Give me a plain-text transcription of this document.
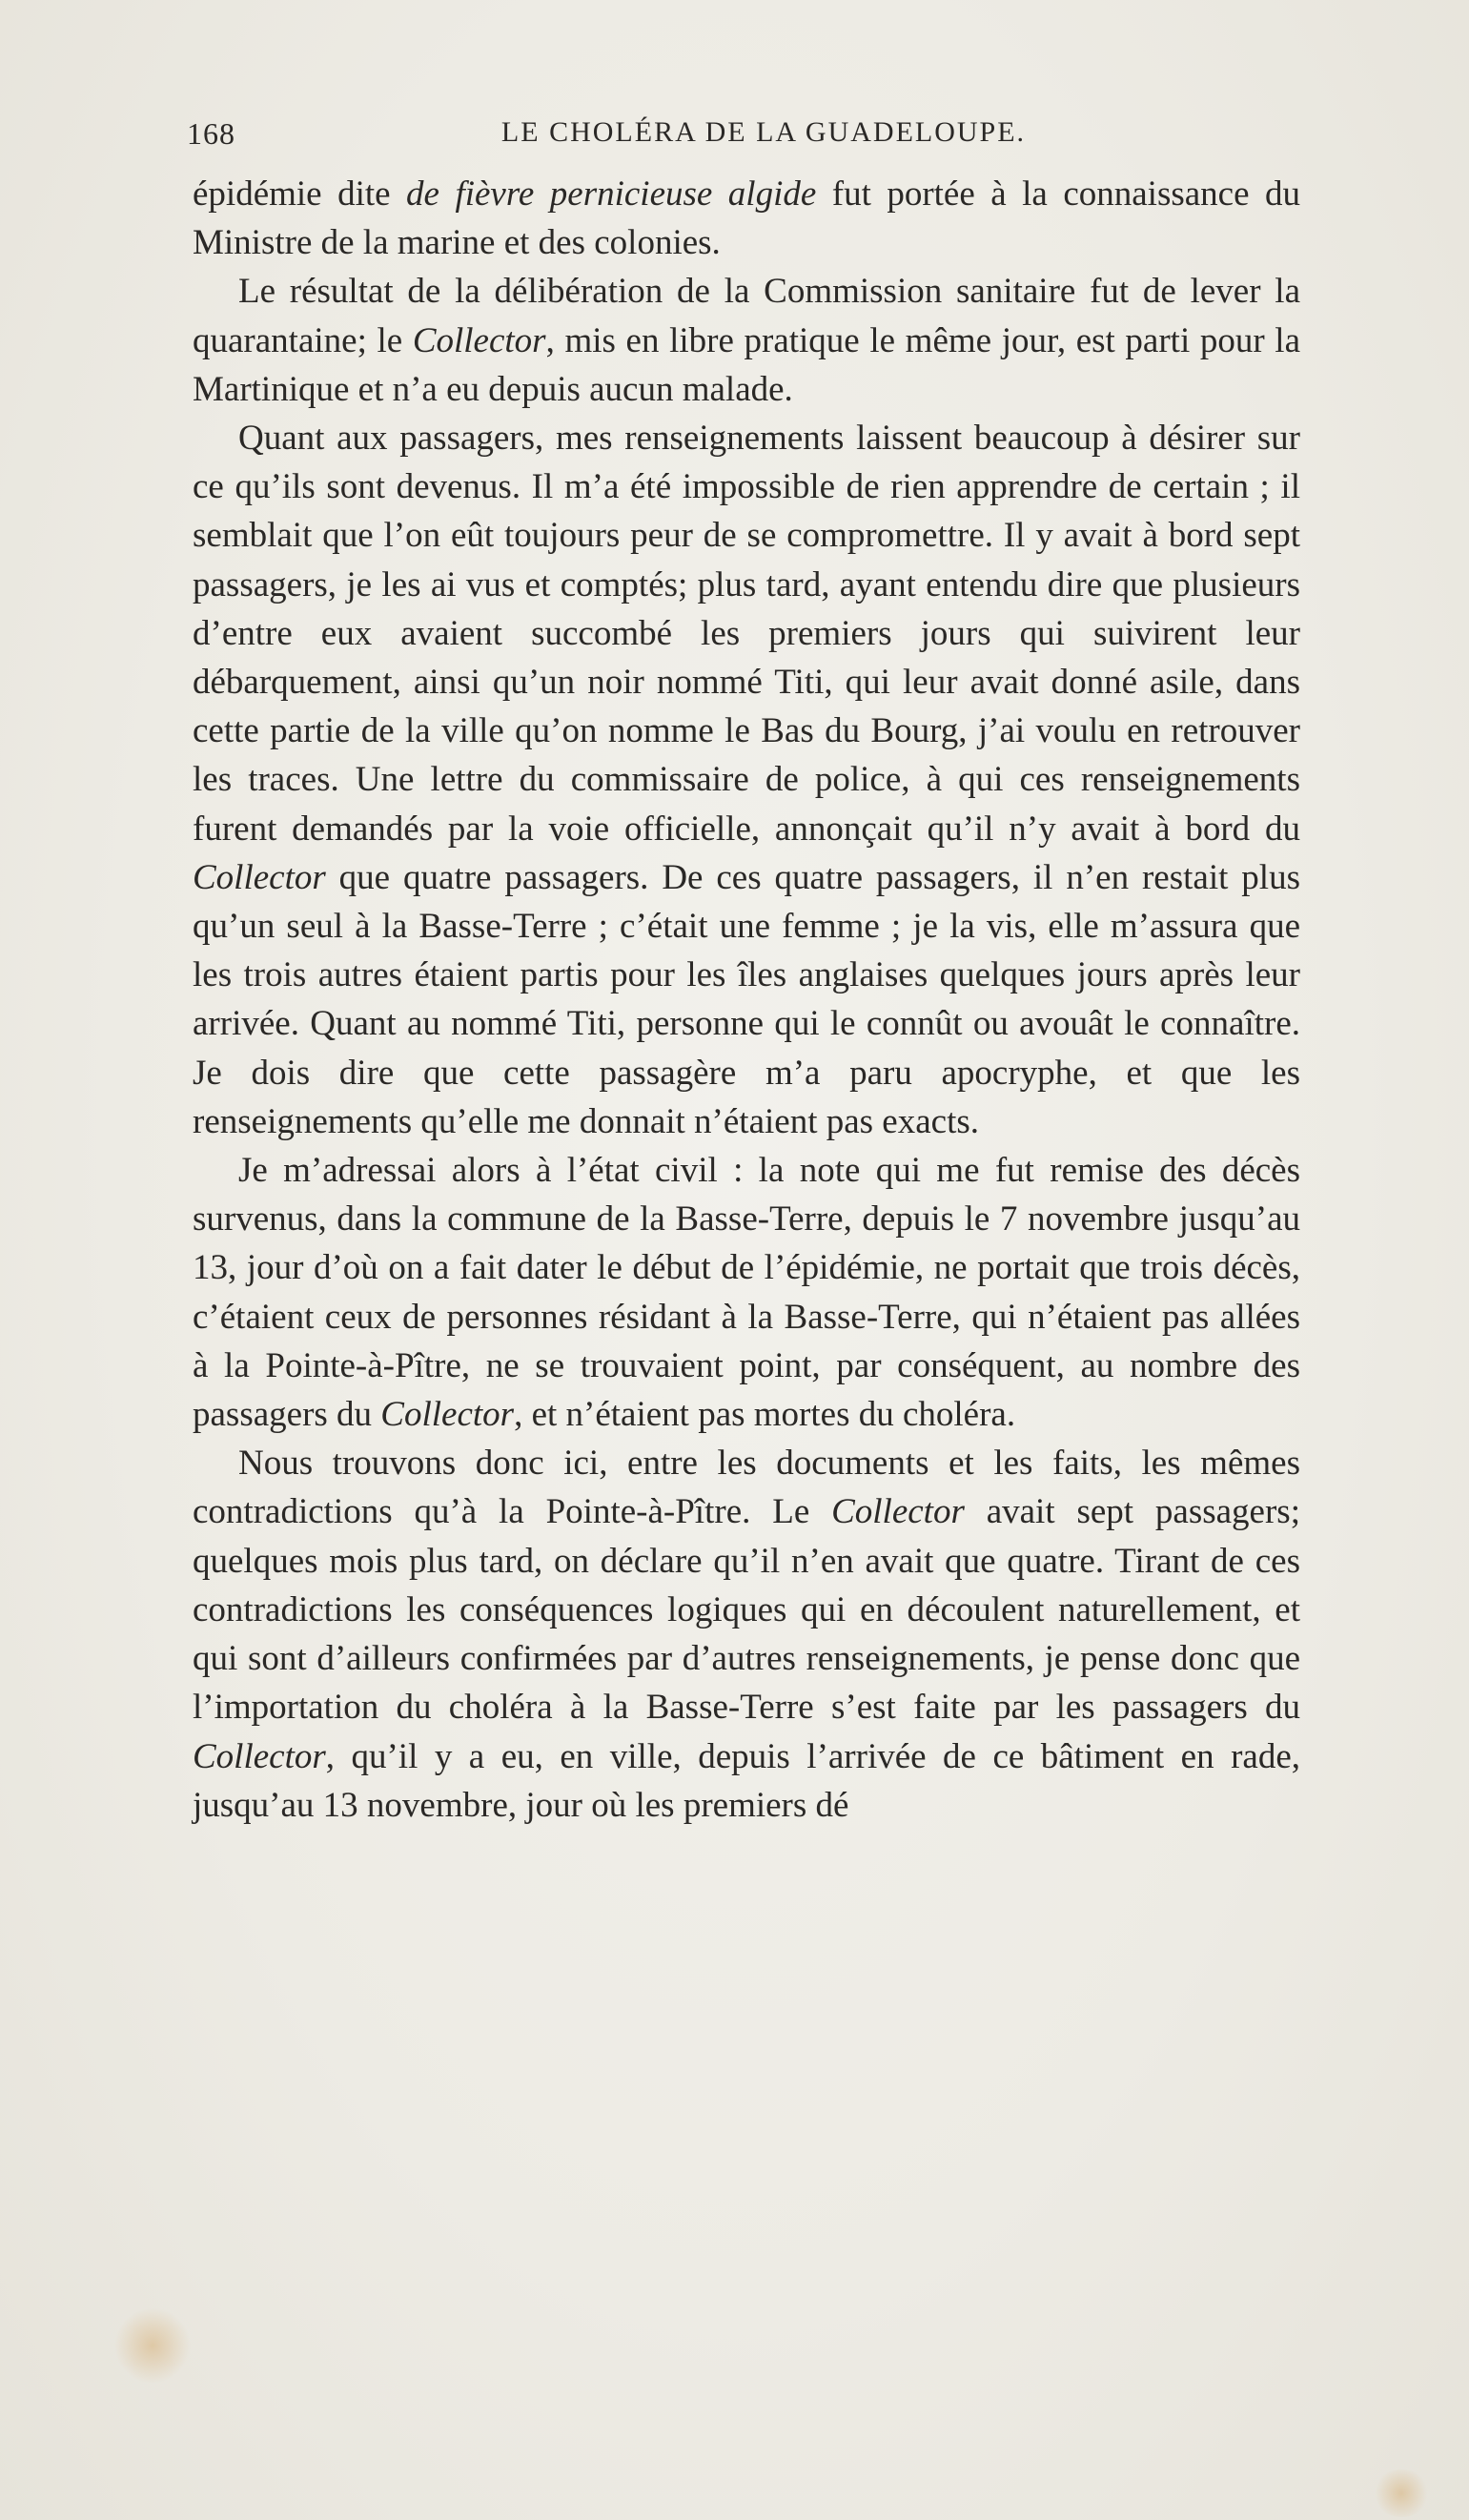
168	LE CHOLÉRA DE LA GUADELOUPE.

épidémie dite de fièvre pernicieuse algide fut portée à la connaissance du Ministre de la marine et des colonies.

Le résultat de la délibération de la Commission sanitaire fut de lever la quarantaine; le Collector, mis en libre pratique le même jour, est parti pour la Martinique et n’a eu depuis aucun malade.

Quant aux passagers, mes renseignements laissent beaucoup à désirer sur ce qu’ils sont devenus. Il m’a été impossible de rien apprendre de certain ; il semblait que l’on eût toujours peur de se compromettre. Il y avait à bord sept passagers, je les ai vus et comptés; plus tard, ayant entendu dire que plusieurs d’entre eux avaient succombé les premiers jours qui suivirent leur débarquement, ainsi qu’un noir nommé Titi, qui leur avait donné asile, dans cette partie de la ville qu’on nomme le Bas du Bourg, j’ai voulu en retrouver les traces. Une lettre du commissaire de police, à qui ces renseignements furent demandés par la voie officielle, annonçait qu’il n’y avait à bord du Collector que quatre passagers. De ces quatre passagers, il n’en restait plus qu’un seul à la Basse-Terre ; c’était une femme ; je la vis, elle m’assura que les trois autres étaient partis pour les îles anglaises quelques jours après leur arrivée. Quant au nommé Titi, personne qui le connût ou avouât le connaître. Je dois dire que cette passagère m’a paru apocryphe, et que les renseignements qu’elle me donnait n’étaient pas exacts.

Je m’adressai alors à l’état civil : la note qui me fut remise des décès survenus, dans la commune de la Basse-Terre, depuis le 7 novembre jusqu’au 13, jour d’où on a fait dater le début de l’épidémie, ne portait que trois décès, c’étaient ceux de personnes résidant à la Basse-Terre, qui n’étaient pas allées à la Pointe-à-Pître, ne se trouvaient point, par conséquent, au nombre des passagers du Collector, et n’étaient pas mortes du choléra.

Nous trouvons donc ici, entre les documents et les faits, les mêmes contradictions qu’à la Pointe-à-Pître. Le Collector avait sept passagers; quelques mois plus tard, on déclare qu’il n’en avait que quatre. Tirant de ces contradictions les conséquences logiques qui en découlent naturellement, et qui sont d’ailleurs confirmées par d’autres renseignements, je pense donc que l’importation du choléra à la Basse-Terre s’est faite par les passagers du Collector, qu’il y a eu, en ville, depuis l’arrivée de ce bâtiment en rade, jusqu’au 13 novembre, jour où les premiers dé
